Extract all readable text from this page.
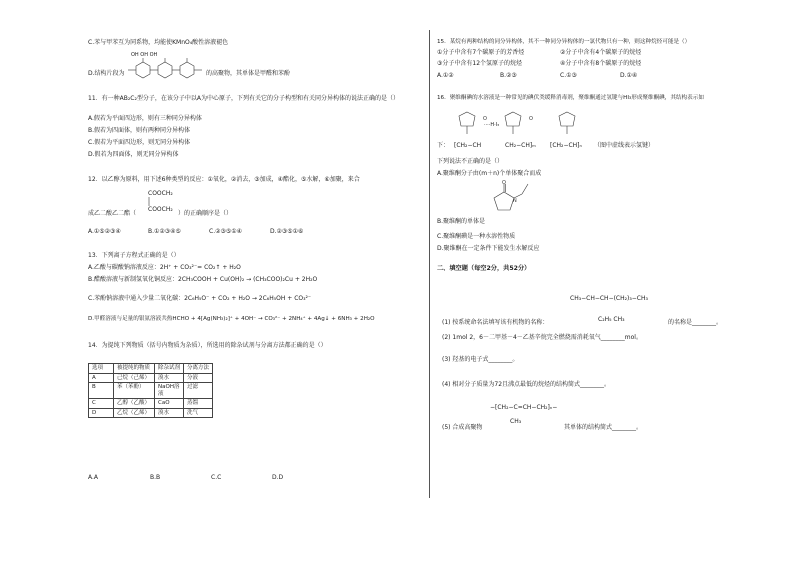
C.苯与甲苯互为同系物，均能使KMnO₄酸性溶液褪色
OH OH OH
D.结构片段为	的高聚物，其单体是甲醛和苯酚
11．有一种AB₂C₂型分子，在该分子中以A为中心原子，下列有关它的分子构型和有关同分异构体的说法正确的是（）
A.假若为平面四边形，则有三种同分异构体
B.假若为四面体，则有两种同分异构体
C.假若为平面四边形，则无同分异构体
D.假若为四面体，则无同分异构体
12．以乙醇为原料，用下述6种类型的反应：①氧化，②消去，③加成，④酯化，⑤水解，⑥加聚，来合
COOCH₂
COOCH₂
成乙二酸乙二酯（	）的正确顺序是（）
A.①⑤②③④	B.①②③④⑤	C.②③⑤①④	D.②③⑤①⑥
13．下列离子方程式正确的是（）
A.乙酸与碳酸钠溶液反应：2H⁺ + CO₃²⁻= CO₂↑ + H₂O
B.醋酸溶液与新制氢氧化铜反应：2CH₃COOH + Cu(OH)₂ → (CH₃COO)₂Cu + 2H₂O
C.苯酚钠溶液中通入少量二氧化碳：2C₆H₅O⁻ + CO₂ + H₂O → 2C₆H₅OH + CO₃²⁻
D.甲醛溶液与足量的银氨溶液共热HCHO + 4[Ag(NH₃)₂]⁺ + 4OH⁻ → CO₃²⁻ + 2NH₄⁺ + 4Ag↓ + 6NH₃ + 2H₂O
14．为提纯下列物质（括号内物质为杂质），所选用的除杂试剂与分离方法都正确的是（）
选项	被提纯的物质	除杂试剂	分离方法
A	己烷（己烯）	溴水	分液
B	苯（苯酚）	NaOH溶液	过滤
C	乙醇（乙酸）	CaO	蒸馏
D	乙烷（乙烯）	溴水	洗气
A.A	B.B	C.C	D.D
15．某烷有两种结构的同分异构体，其不一种同分异构体的一氯代物只有一种，则这种烷烃可能是（）
①分子中含有7个碳原子的芳香烃	②分子中含有4个碳原子的烷烃
③分子中含有12个氢原子的烷烃	④分子中含有8个碳原子的烷烃
A.①②	B.②③	C.①③	D.①④
16．聚维酮碘的水溶液是一种常见的碘伏类缓释消毒剂，聚维酮通过氢键与HI₃形成聚维酮碘，其结构表示如
O	O
····H·I₃
下： [CH₂−CH	CH₂−CH]ₘ [CH₂−CH]ₙ （图中虚线表示氢键）
下列说法不正确的是（）
A.聚维酮分子由(m＋n)个单体聚合而成
O
N
B.聚维酮的单体是
C.聚维酮碘是一种水溶性物质
D.聚维酮在一定条件下能发生水解反应
二、填空题（每空2分，共52分）
CH₃−CH−CH−(CH₂)₃−CH₃
C₂H₅ CH₃
(1) 按系统命名法填写该有机物的名称：	的名称是________。
(2) 1mol 2，6－二甲基－4－乙基辛烷完全燃烧需消耗氧气________mol。
(3) 羟基的电子式________。
(4) 相对分子质量为72且沸点最低的烷烃的结构简式________。
−[CH₂−C=CH−CH₂]ₙ−
CH₃
(5) 合成高聚物	其单体的结构简式________。
